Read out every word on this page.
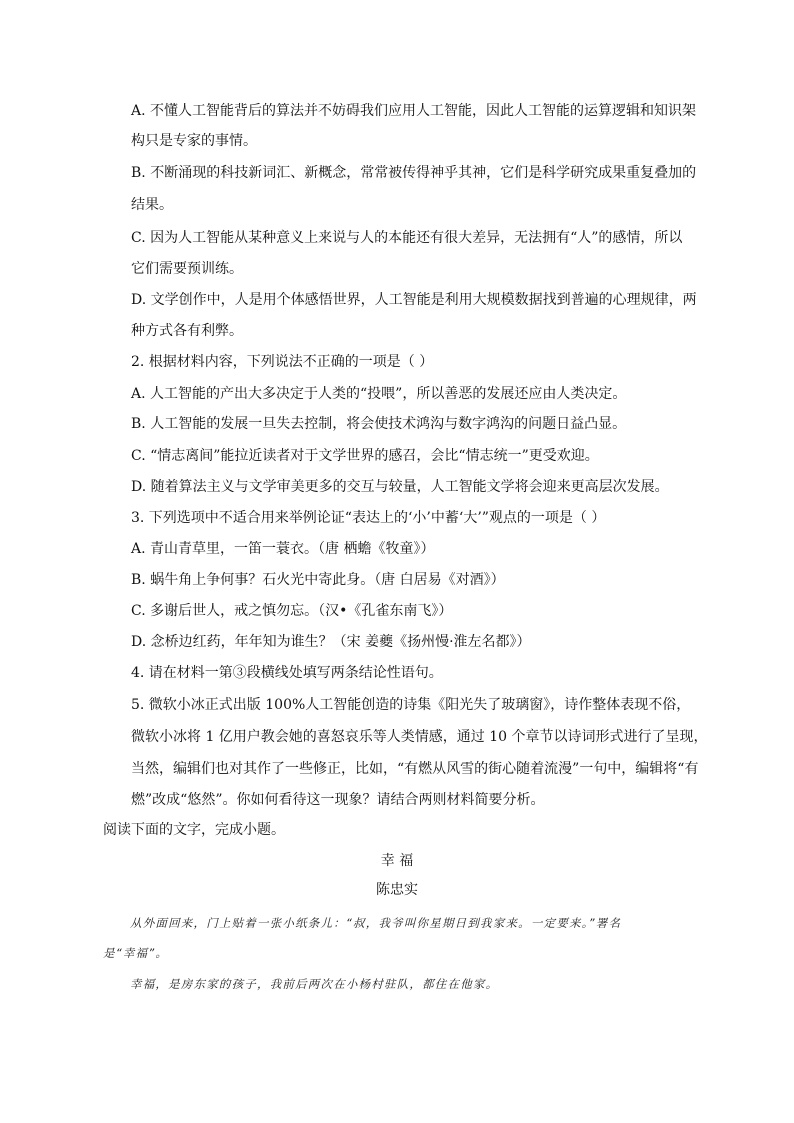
A. 不懂人工智能背后的算法并不妨碍我们应用人工智能，因此人工智能的运算逻辑和知识架
构只是专家的事情。
B. 不断涌现的科技新词汇、新概念，常常被传得神乎其神，它们是科学研究成果重复叠加的
结果。
C. 因为人工智能从某种意义上来说与人的本能还有很大差异，无法拥有“人”的感情，所以
它们需要预训练。
D. 文学创作中，人是用个体感悟世界，人工智能是利用大规模数据找到普遍的心理规律，两
种方式各有利弊。
2. 根据材料内容，下列说法不正确的一项是（ ）
A. 人工智能的产出大多决定于人类的“投喂”，所以善恶的发展还应由人类决定。
B. 人工智能的发展一旦失去控制，将会使技术鸿沟与数字鸿沟的问题日益凸显。
C. “情志离间”能拉近读者对于文学世界的感召，会比“情志统一”更受欢迎。
D. 随着算法主义与文学审美更多的交互与较量，人工智能文学将会迎来更高层次发展。
3. 下列选项中不适合用来举例论证“表达上的‘小’中蓄‘大’”观点的一项是（ ）
A. 青山青草里，一笛一蓑衣。（唐 栖蟾《牧童》）
B. 蜗牛角上争何事？石火光中寄此身。（唐 白居易《对酒》）
C. 多谢后世人，戒之慎勿忘。（汉•《孔雀东南飞》）
D. 念桥边红药，年年知为谁生？（宋 姜夔《扬州慢·淮左名都》）
4. 请在材料一第③段横线处填写两条结论性语句。
5. 微软小冰正式出版 100%人工智能创造的诗集《阳光失了玻璃窗》，诗作整体表现不俗，
微软小冰将 1 亿用户教会她的喜怒哀乐等人类情感，通过 10 个章节以诗词形式进行了呈现，
当然，编辑们也对其作了一些修正，比如，“有燃从风雪的街心随着流漫”一句中，编辑将“有
燃”改成“悠然”。你如何看待这一现象？请结合两则材料简要分析。
阅读下面的文字，完成小题。
幸 福
陈忠实
从外面回来，门上贴着一张小纸条儿：“叔，我爷叫你星期日到我家来。一定要来。”署名
是“幸福”。
幸福，是房东家的孩子，我前后两次在小杨村驻队，都住在他家。
